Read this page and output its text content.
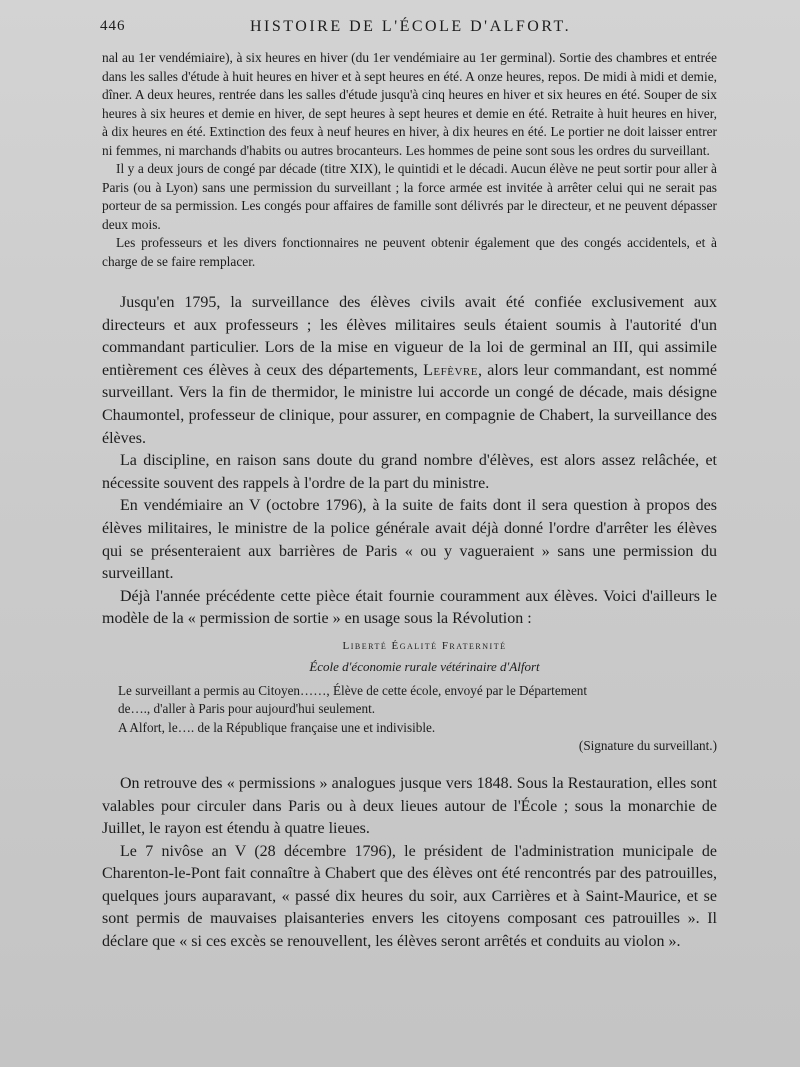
446	HISTOIRE DE L'ÉCOLE D'ALFORT.

nal au 1er vendémiaire), à six heures en hiver (du 1er vendémiaire au 1er germinal). Sortie des chambres et entrée dans les salles d'étude à huit heures en hiver et à sept heures en été. A onze heures, repos. De midi à midi et demie, dîner. A deux heures, rentrée dans les salles d'étude jusqu'à cinq heures en hiver et six heures en été. Souper de six heures à six heures et demie en hiver, de sept heures à sept heures et demie en été. Retraite à huit heures en hiver, à dix heures en été. Extinction des feux à neuf heures en hiver, à dix heures en été. Le portier ne doit laisser entrer ni femmes, ni marchands d'habits ou autres brocanteurs. Les hommes de peine sont sous les ordres du surveillant.

Il y a deux jours de congé par décade (titre XIX), le quintidi et le décadi. Aucun élève ne peut sortir pour aller à Paris (ou à Lyon) sans une permission du surveillant ; la force armée est invitée à arrêter celui qui ne serait pas porteur de sa permission. Les congés pour affaires de famille sont délivrés par le directeur, et ne peuvent dépasser deux mois.

Les professeurs et les divers fonctionnaires ne peuvent obtenir également que des congés accidentels, et à charge de se faire remplacer.

Jusqu'en 1795, la surveillance des élèves civils avait été confiée exclusivement aux directeurs et aux professeurs ; les élèves militaires seuls étaient soumis à l'autorité d'un commandant particulier. Lors de la mise en vigueur de la loi de germinal an III, qui assimile entièrement ces élèves à ceux des départements, Lefèvre, alors leur commandant, est nommé surveillant. Vers la fin de thermidor, le ministre lui accorde un congé de décade, mais désigne Chaumontel, professeur de clinique, pour assurer, en compagnie de Chabert, la surveillance des élèves.

La discipline, en raison sans doute du grand nombre d'élèves, est alors assez relâchée, et nécessite souvent des rappels à l'ordre de la part du ministre.

En vendémiaire an V (octobre 1796), à la suite de faits dont il sera question à propos des élèves militaires, le ministre de la police générale avait déjà donné l'ordre d'arrêter les élèves qui se présenteraient aux barrières de Paris « ou y vagueraient » sans une permission du surveillant.

Déjà l'année précédente cette pièce était fournie couramment aux élèves. Voici d'ailleurs le modèle de la « permission de sortie » en usage sous la Révolution :

Liberté Égalité Fraternité
École d'économie rurale vétérinaire d'Alfort
Le surveillant a permis au Citoyen……, Élève de cette école, envoyé par le Département
de…., d'aller à Paris pour aujourd'hui seulement.
A Alfort, le…. de la République française une et indivisible.
(Signature du surveillant.)

On retrouve des « permissions » analogues jusque vers 1848. Sous la Restauration, elles sont valables pour circuler dans Paris ou à deux lieues autour de l'École ; sous la monarchie de Juillet, le rayon est étendu à quatre lieues.

Le 7 nivôse an V (28 décembre 1796), le président de l'administration municipale de Charenton-le-Pont fait connaître à Chabert que des élèves ont été rencontrés par des patrouilles, quelques jours auparavant, « passé dix heures du soir, aux Carrières et à Saint-Maurice, et se sont permis de mauvaises plaisanteries envers les citoyens composant ces patrouilles ». Il déclare que « si ces excès se renouvellent, les élèves seront arrêtés et conduits au violon ».
